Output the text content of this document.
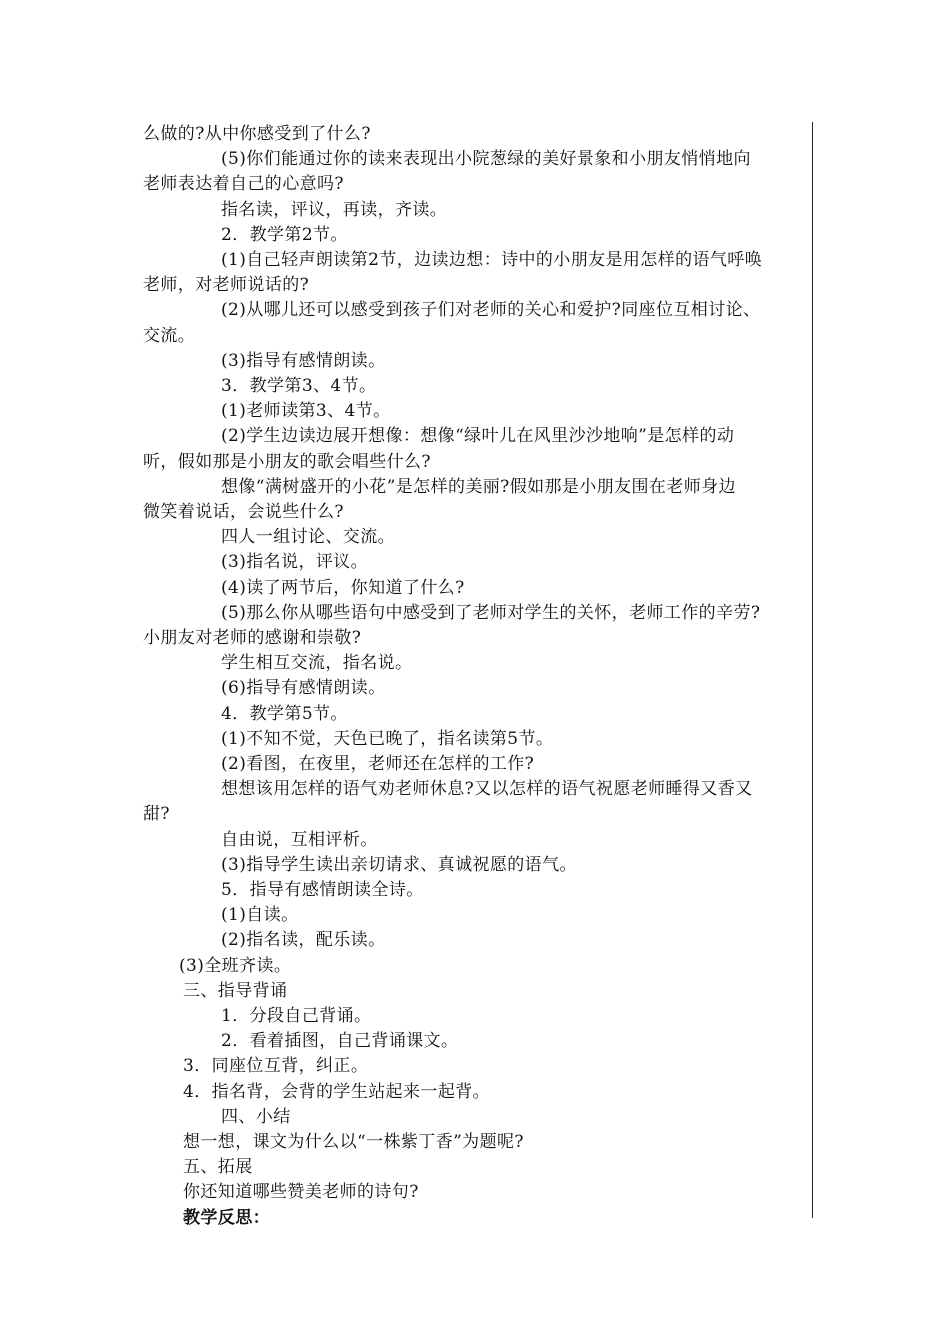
么做的?从中你感受到了什么?
(5)你们能通过你的读来表现出小院葱绿的美好景象和小朋友悄悄地向
老师表达着自己的心意吗?
指名读，评议，再读，齐读。
2．教学第2节。
(1)自己轻声朗读第2节，边读边想：诗中的小朋友是用怎样的语气呼唤
老师，对老师说话的?
(2)从哪儿还可以感受到孩子们对老师的关心和爱护?同座位互相讨论、
交流。
(3)指导有感情朗读。
3．教学第3、4节。
(1)老师读第3、4节。
(2)学生边读边展开想像：想像“绿叶儿在风里沙沙地响”是怎样的动
听，假如那是小朋友的歌会唱些什么?
想像“满树盛开的小花”是怎样的美丽?假如那是小朋友围在老师身边
微笑着说话，会说些什么?
四人一组讨论、交流。
(3)指名说，评议。
(4)读了两节后，你知道了什么?
(5)那么你从哪些语句中感受到了老师对学生的关怀，老师工作的辛劳?
小朋友对老师的感谢和崇敬?
学生相互交流，指名说。
(6)指导有感情朗读。
4．教学第5节。
(1)不知不觉，天色已晚了，指名读第5节。
(2)看图，在夜里，老师还在怎样的工作?
想想该用怎样的语气劝老师休息?又以怎样的语气祝愿老师睡得又香又
甜?
自由说，互相评析。
(3)指导学生读出亲切请求、真诚祝愿的语气。
5．指导有感情朗读全诗。
(1)自读。
(2)指名读，配乐读。
(3)全班齐读。
三、指导背诵
1．分段自己背诵。
2．看着插图，自己背诵课文。
3．同座位互背，纠正。
4．指名背，会背的学生站起来一起背。
四、小结
想一想，课文为什么以“一株紫丁香”为题呢?
五、拓展
你还知道哪些赞美老师的诗句?
教学反思：
